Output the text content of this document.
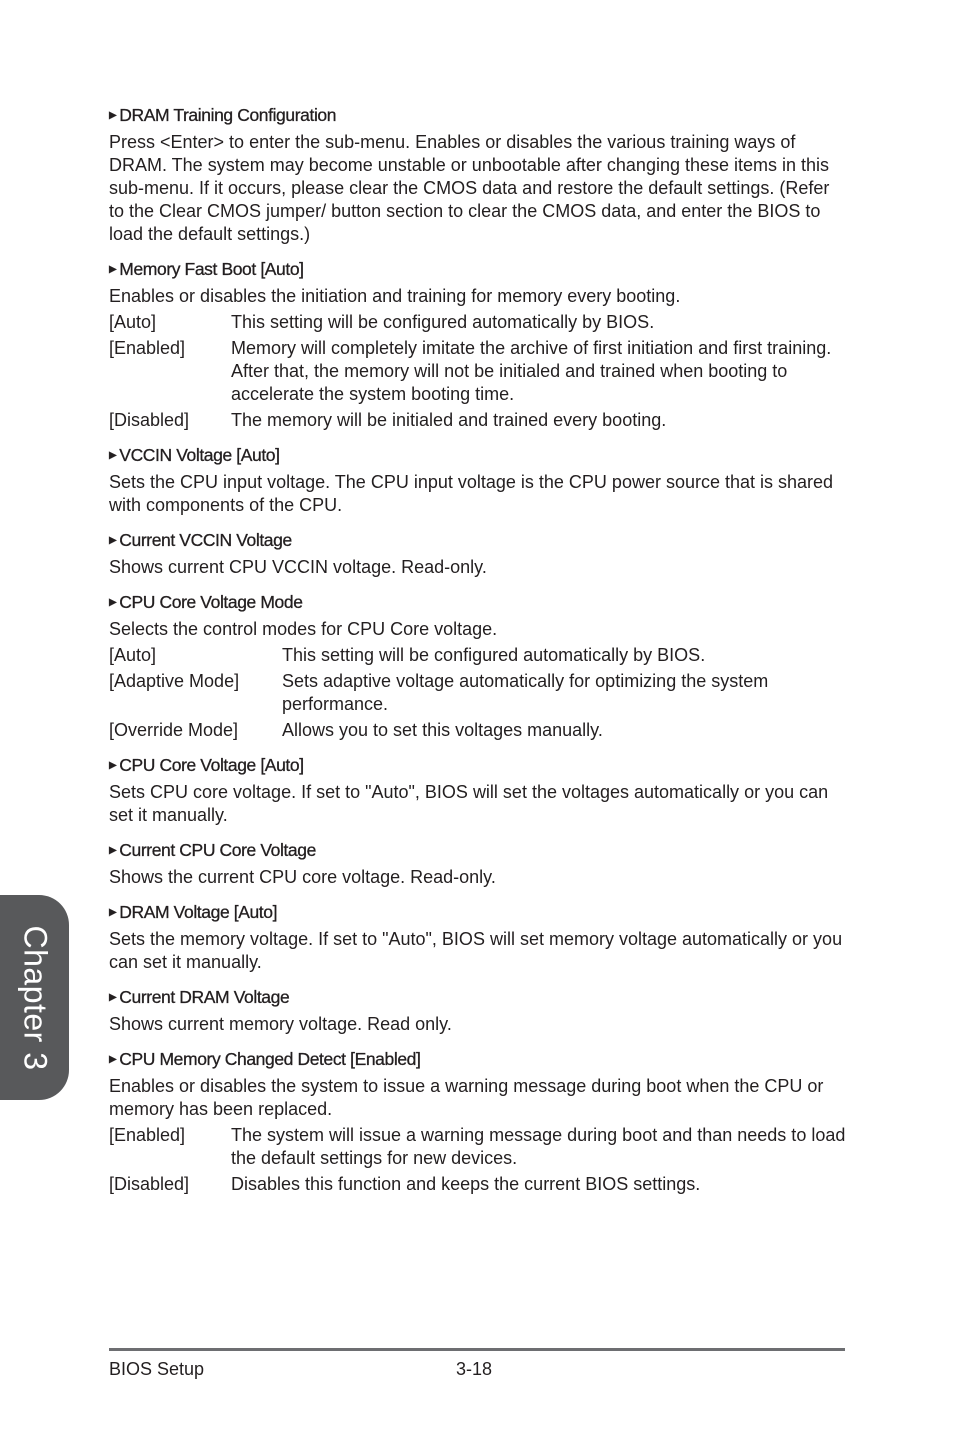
▶ DRAM Training Configuration
Press <Enter> to enter the sub-menu. Enables or disables the various training ways of DRAM. The system may become unstable or unbootable after changing these items in this sub-menu. If it occurs, please clear the CMOS data and restore the default settings. (Refer to the Clear CMOS jumper/ button section to clear the CMOS data, and enter the BIOS to load the default settings.)
▶ Memory Fast Boot [Auto]
Enables or disables the initiation and training for memory every booting.
[Auto]	This setting will be configured automatically by BIOS.
[Enabled]	Memory will completely imitate the archive of first initiation and first training. After that, the memory will not be initialed and trained when booting to accelerate the system booting time.
[Disabled]	The memory will be initialed and trained every booting.
▶ VCCIN Voltage [Auto]
Sets the CPU input voltage. The CPU input voltage is the CPU power source that is shared with components of the CPU.
▶ Current VCCIN Voltage
Shows current CPU VCCIN voltage. Read-only.
▶ CPU Core Voltage Mode
Selects the control modes for CPU Core voltage.
[Auto]	This setting will be configured automatically by BIOS.
[Adaptive Mode]	Sets adaptive voltage automatically for optimizing the system performance.
[Override Mode]	Allows you to set this voltages manually.
▶ CPU Core Voltage [Auto]
Sets CPU core voltage. If set to "Auto", BIOS will set the voltages automatically or you can set it manually.
▶ Current CPU Core Voltage
Shows the current CPU core voltage. Read-only.
▶ DRAM Voltage [Auto]
Sets the memory voltage. If set to "Auto", BIOS will set memory voltage automatically or you can set it manually.
▶ Current DRAM Voltage
Shows current memory voltage. Read only.
▶ CPU Memory Changed Detect [Enabled]
Enables or disables the system to issue a warning message during boot when the CPU or memory has been replaced.
[Enabled]	The system will issue a warning message during boot and than needs to load the default settings for new devices.
[Disabled]	Disables this function and keeps the current BIOS settings.
BIOS Setup	3-18
Chapter 3
